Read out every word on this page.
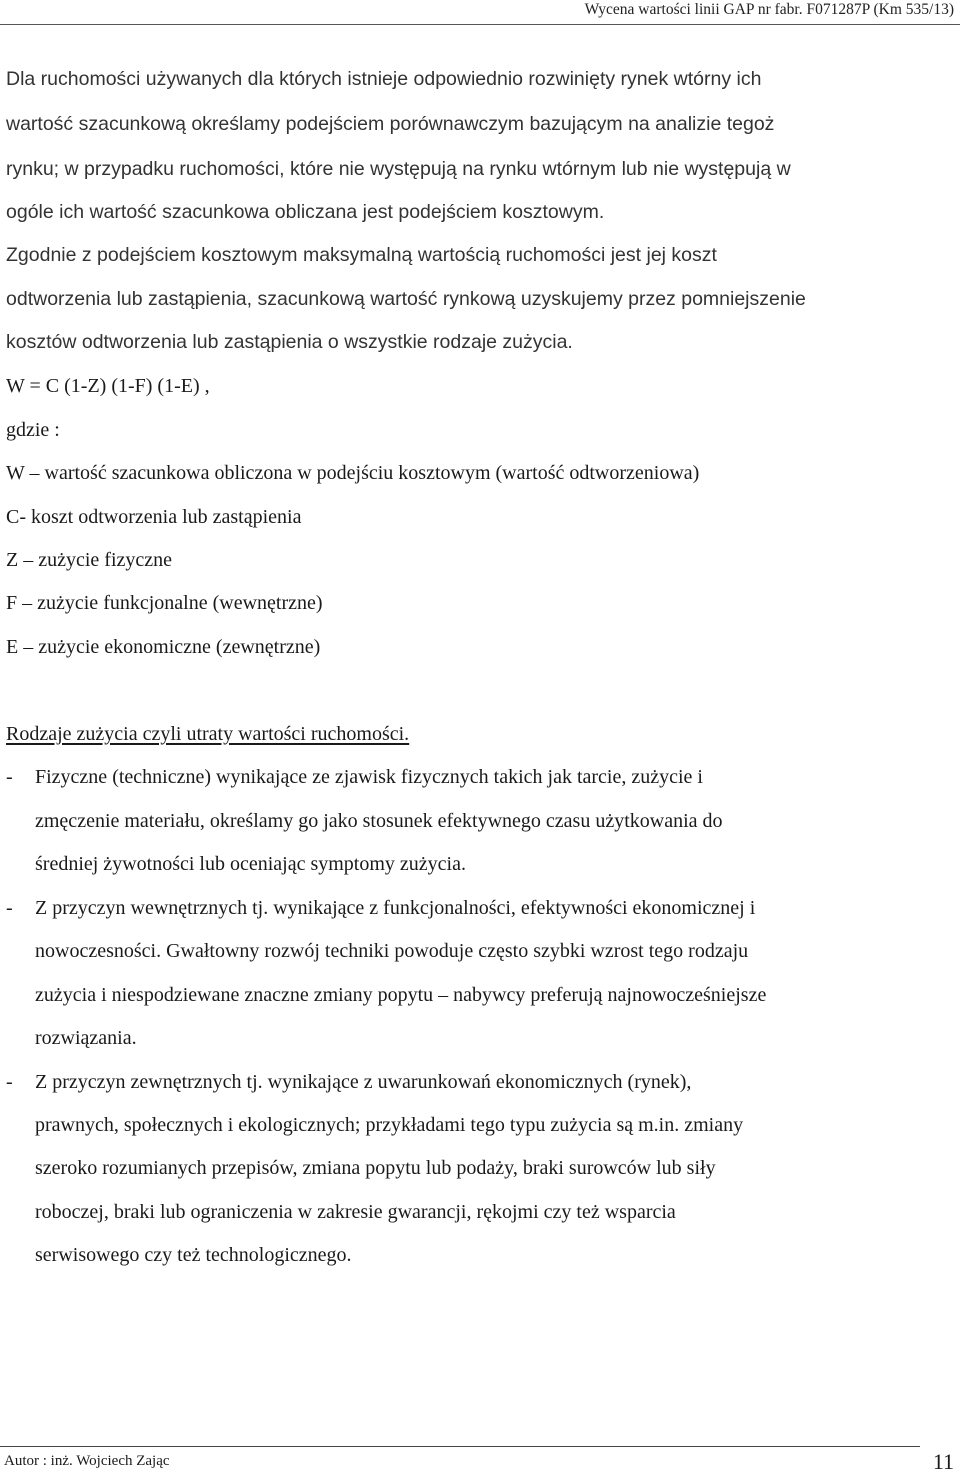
Wycena wartości linii GAP nr fabr. F071287P (Km 535/13)
Dla ruchomości używanych dla których istnieje odpowiednio rozwinięty rynek wtórny ich
wartość szacunkową określamy podejściem porównawczym bazującym na analizie tegoż
rynku; w przypadku ruchomości, które nie występują na rynku wtórnym lub nie występują w
ogóle ich wartość szacunkowa obliczana jest podejściem kosztowym.
Zgodnie z podejściem kosztowym maksymalną wartością ruchomości jest jej koszt
odtworzenia lub zastąpienia, szacunkową wartość rynkową uzyskujemy przez pomniejszenie
kosztów odtworzenia lub zastąpienia o wszystkie rodzaje zużycia.
W = C (1-Z) (1-F) (1-E) ,
gdzie :
W – wartość szacunkowa obliczona w podejściu kosztowym (wartość odtworzeniowa)
C- koszt odtworzenia lub zastąpienia
Z – zużycie fizyczne
F – zużycie funkcjonalne (wewnętrzne)
E – zużycie ekonomiczne (zewnętrzne)
Rodzaje zużycia czyli utraty wartości ruchomości.
- Fizyczne (techniczne) wynikające ze zjawisk fizycznych takich jak tarcie, zużycie i
zmęczenie materiału, określamy go jako stosunek efektywnego czasu użytkowania do
średniej żywotności lub oceniając symptomy zużycia.
- Z przyczyn wewnętrznych tj. wynikające z funkcjonalności, efektywności ekonomicznej i
nowoczesności. Gwałtowny rozwój techniki powoduje często szybki wzrost tego rodzaju
zużycia i niespodziewane znaczne zmiany popytu – nabywcy preferują najnowocześniejsze
rozwiązania.
- Z przyczyn zewnętrznych tj. wynikające z uwarunkowań ekonomicznych (rynek),
prawnych, społecznych i ekologicznych; przykładami tego typu zużycia są m.in. zmiany
szeroko rozumianych przepisów, zmiana popytu lub podaży, braki surowców lub siły
roboczej, braki lub ograniczenia w zakresie gwarancji, rękojmi czy też wsparcia
serwisowego czy też technologicznego.
Autor : inż. Wojciech Zając	11
